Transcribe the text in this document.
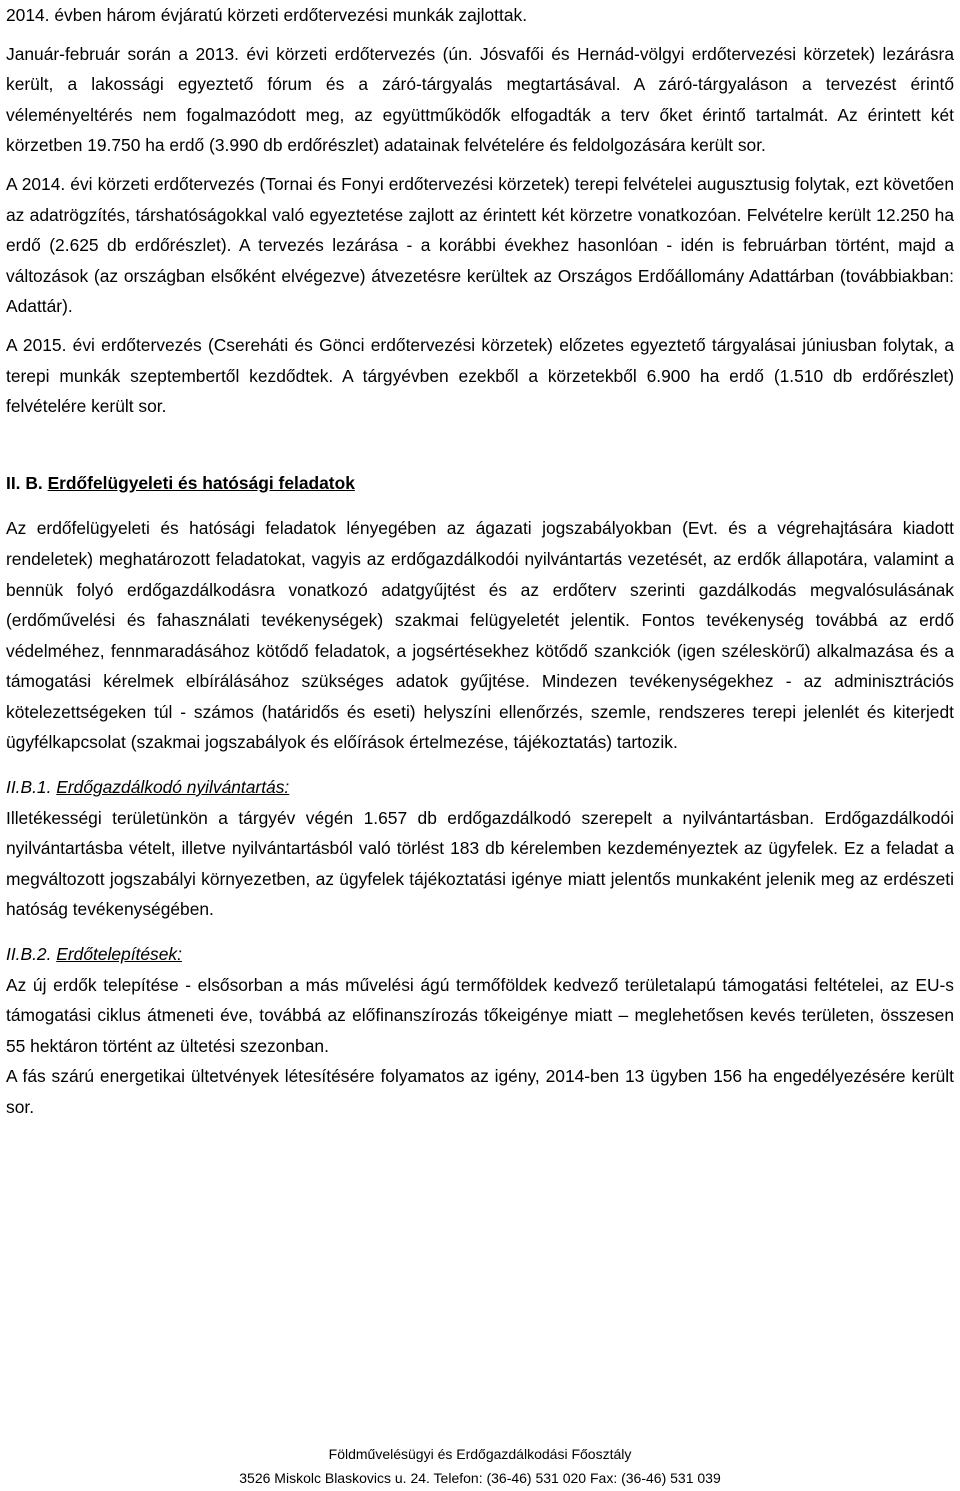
2014. évben három évjáratú körzeti erdőtervezési munkák zajlottak.

Január-február során a 2013. évi körzeti erdőtervezés (ún. Jósvafői és Hernád-völgyi erdőtervezési körzetek) lezárásra került, a lakossági egyeztető fórum és a záró-tárgyalás megtartásával. A záró-tárgyaláson a tervezést érintő véleményeltérés nem fogalmazódott meg, az együttműködők elfogadták a terv őket érintő tartalmát. Az érintett két körzetben 19.750 ha erdő (3.990 db erdőrészlet) adatainak felvételére és feldolgozására került sor.

A 2014. évi körzeti erdőtervezés (Tornai és Fonyi erdőtervezési körzetek) terepi felvételei augusztusig folytak, ezt követően az adatrögzítés, társhatóságokkal való egyeztetése zajlott az érintett két körzetre vonatkozóan. Felvételre került 12.250 ha erdő (2.625 db erdőrészlet). A tervezés lezárása - a korábbi évekhez hasonlóan - idén is februárban történt, majd a változások (az országban elsőként elvégezve) átvezetésre kerültek az Országos Erdőállomány Adattárban (továbbiakban: Adattár).

A 2015. évi erdőtervezés (Csereháti és Gönci erdőtervezési körzetek) előzetes egyeztető tárgyalásai júniusban folytak, a terepi munkák szeptembertől kezdődtek. A tárgyévben ezekből a körzetekből 6.900 ha erdő (1.510 db erdőrészlet) felvételére került sor.

II. B. Erdőfelügyeleti és hatósági feladatok

Az erdőfelügyeleti és hatósági feladatok lényegében az ágazati jogszabályokban (Evt. és a végrehajtására kiadott rendeletek) meghatározott feladatokat, vagyis az erdőgazdálkodói nyilvántartás vezetését, az erdők állapotára, valamint a bennük folyó erdőgazdálkodásra vonatkozó adatgyűjtést és az erdőterv szerinti gazdálkodás megvalósulásának (erdőművelési és fahasználati tevékenységek) szakmai felügyeletét jelentik. Fontos tevékenység továbbá az erdő védelméhez, fennmaradásához kötődő feladatok, a jogsértésekhez kötődő szankciók (igen széleskörű) alkalmazása és a támogatási kérelmek elbírálásához szükséges adatok gyűjtése. Mindezen tevékenységekhez - az adminisztrációs kötelezettségeken túl - számos (határidős és eseti) helyszíni ellenőrzés, szemle, rendszeres terepi jelenlét és kiterjedt ügyfélkapcsolat (szakmai jogszabályok és előírások értelmezése, tájékoztatás) tartozik.

II.B.1. Erdőgazdálkodó nyilvántartás:

Illetékességi területünkön a tárgyév végén 1.657 db erdőgazdálkodó szerepelt a nyilvántartásban. Erdőgazdálkodói nyilvántartásba vételt, illetve nyilvántartásból való törlést 183 db kérelemben kezdeményeztek az ügyfelek. Ez a feladat a megváltozott jogszabályi környezetben, az ügyfelek tájékoztatási igénye miatt jelentős munkaként jelenik meg az erdészeti hatóság tevékenységében.

II.B.2. Erdőtelepítések:

Az új erdők telepítése - elsősorban a más művelési ágú termőföldek kedvező területalapú támogatási feltételei, az EU-s támogatási ciklus átmeneti éve, továbbá az előfinanszírozás tőkeigénye miatt – meglehetősen kevés területen, összesen 55 hektáron történt az ültetési szezonban.

A fás szárú energetikai ültetvények létesítésére folyamatos az igény, 2014-ben 13 ügyben 156 ha engedélyezésére került sor.

Földművelésügyi és Erdőgazdálkodási Főosztály
3526 Miskolc Blaskovics u. 24. Telefon: (36-46) 531 020 Fax: (36-46) 531 039
